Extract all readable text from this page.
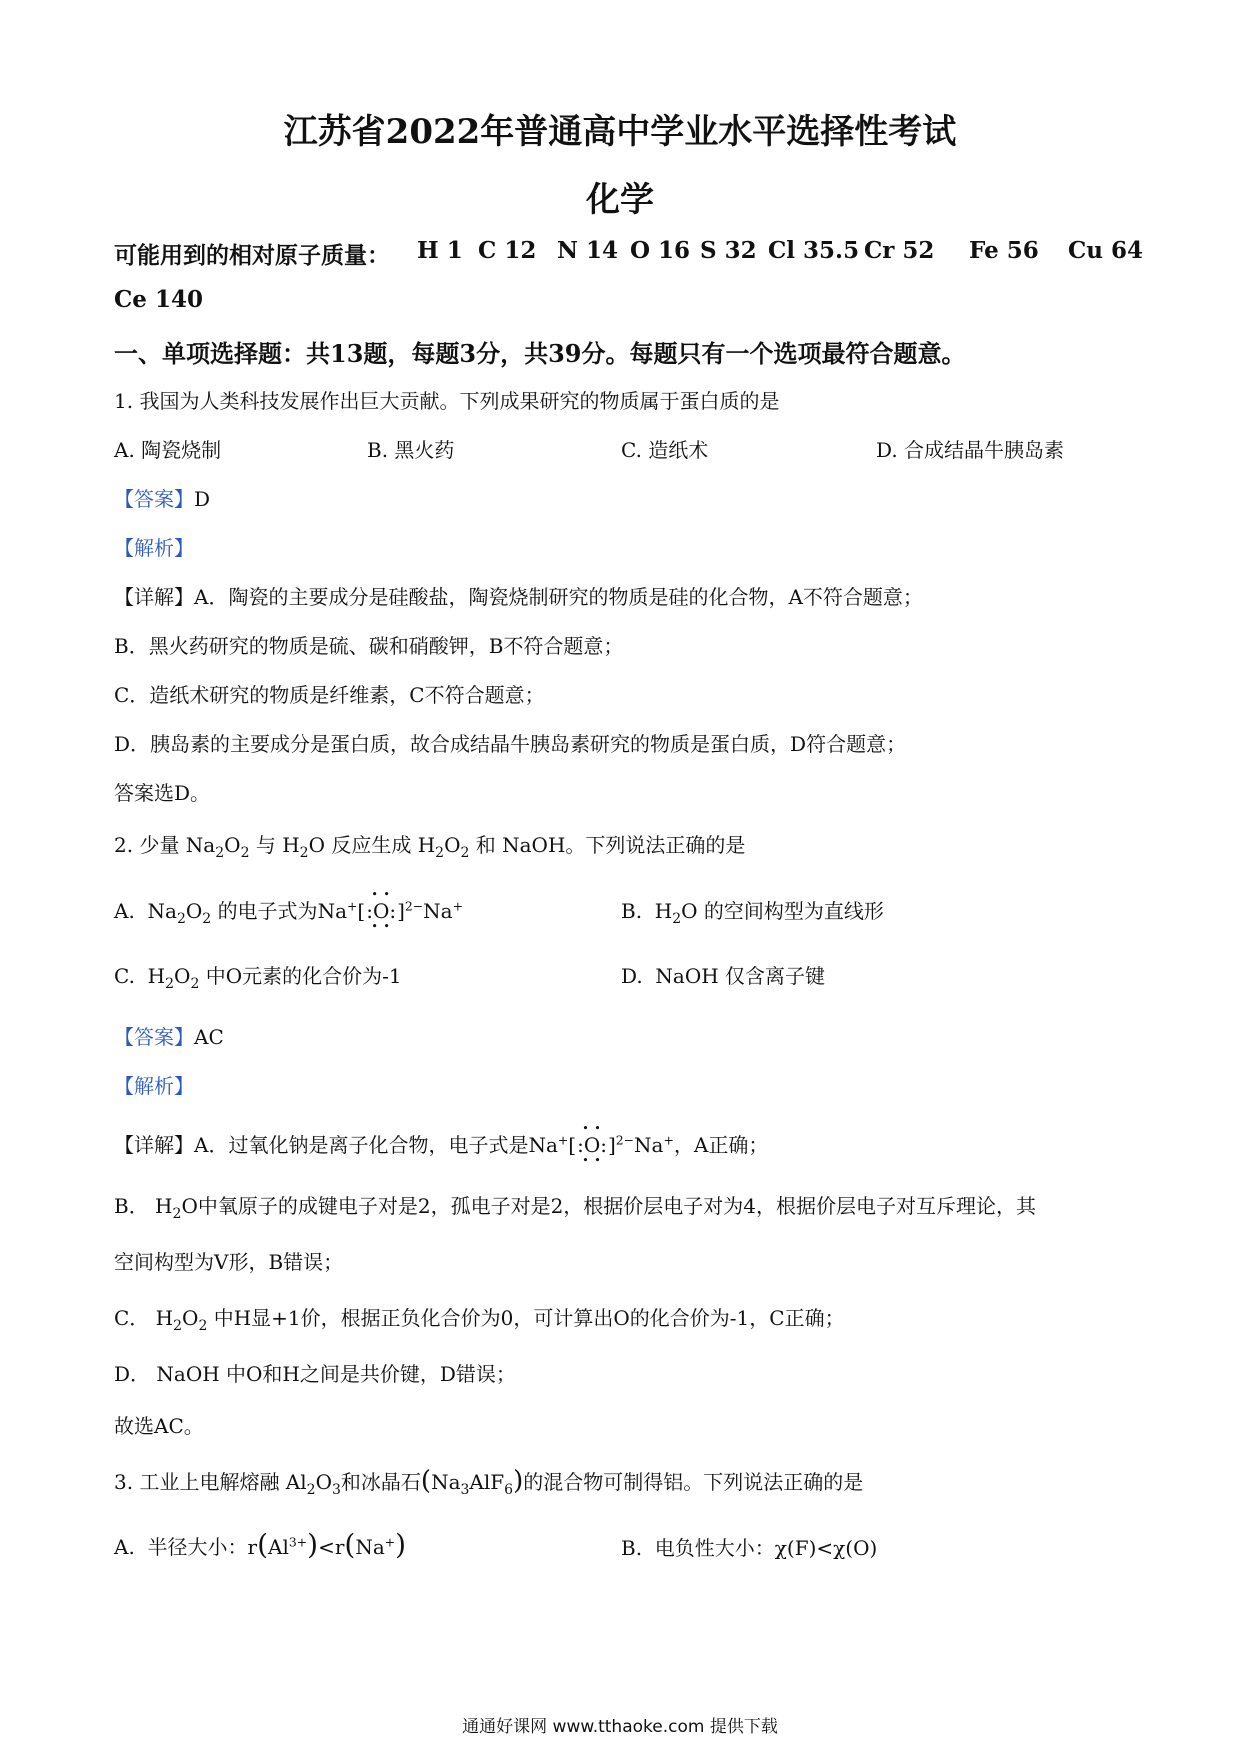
江苏省2022年普通高中学业水平选择性考试
化学
可能用到的相对原子质量： H 1 C 12 N 14 O 16 S 32 Cl 35.5 Cr 52 Fe 56 Cu 64
Ce 140
一、单项选择题：共13题，每题3分，共39分。每题只有一个选项最符合题意。
1. 我国为人类科技发展作出巨大贡献。下列成果研究的物质属于蛋白质的是
A. 陶瓷烧制	B. 黑火药	C. 造纸术	D. 合成结晶牛胰岛素
【答案】D
【解析】
【详解】A．陶瓷的主要成分是硅酸盐，陶瓷烧制研究的物质是硅的化合物，A不符合题意；
B．黑火药研究的物质是硫、碳和硝酸钾，B不符合题意；
C．造纸术研究的物质是纤维素，C不符合题意；
D．胰岛素的主要成分是蛋白质，故合成结晶牛胰岛素研究的物质是蛋白质，D符合题意；
答案选D。
2. 少量 $Na_2O_2$ 与 $H_2O$ 反应生成 $H_2O_2$ 和 NaOH。下列说法正确的是
A.  $Na_2O_2$ 的电子式为Na+[
• •
:O:
• •
]$^{2-}$Na+	B.  $H_2O$ 的空间构型为直线形
C.  $H_2O_2$ 中O元素的化合价为-1	D. NaOH 仅含离子键
【答案】AC
【解析】
【详解】A．过氧化钠是离子化合物，电子式是Na+[
• •
:O:
• •
]$^{2-}$Na+，A正确；
B． $H_2O$中氧原子的成键电子对是2，孤电子对是2，根据价层电子对为4，根据价层电子对互斥理论，其
空间构型为V形，B错误；
C． $H_2O_2$ 中H显+1价，根据正负化合价为0，可计算出O的化合价为-1，C正确；
D． NaOH 中O和H之间是共价键，D错误；
故选AC。
3. 工业上电解熔融 $Al_2O_3$和冰晶石$(Na_3AlF_6)$的混合物可制得铝。下列说法正确的是
A. 半径大小：$r(Al^{3+})<r(Na^+)$	B. 电负性大小：χ(F)<χ(O)
通通好课网 www.tthaoke.com 提供下载
